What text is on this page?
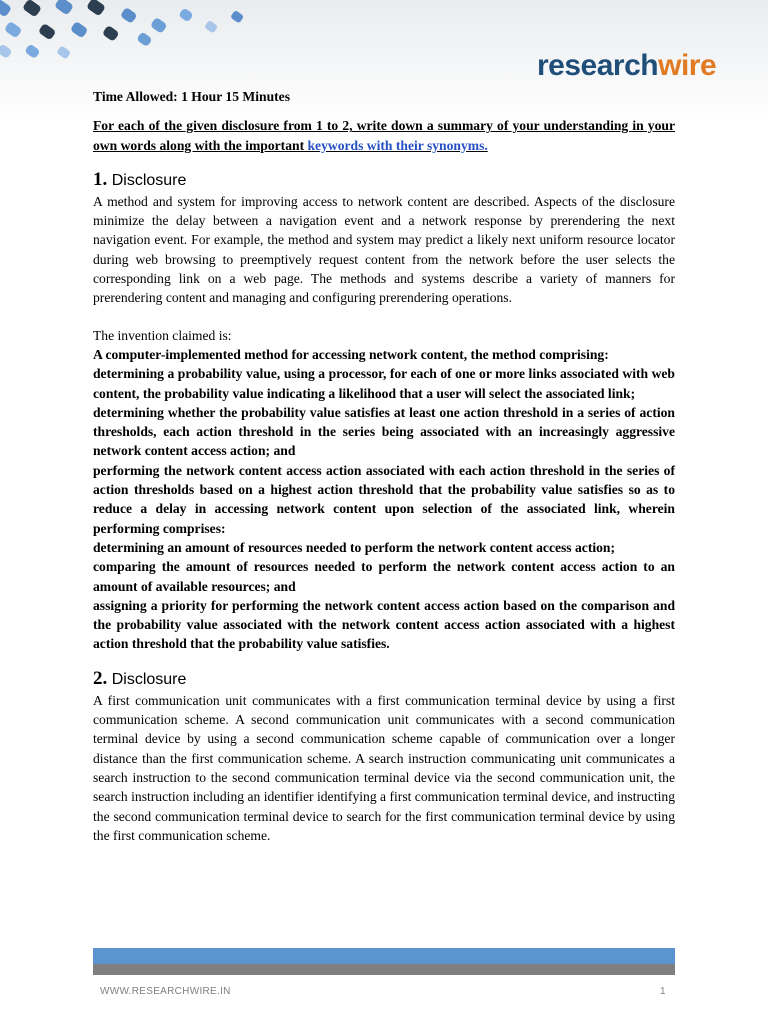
researchwire

Time Allowed: 1 Hour 15 Minutes

For each of the given disclosure from 1 to 2, write down a summary of your understanding in your own words along with the important keywords with their synonyms.

1. Disclosure

A method and system for improving access to network content are described. Aspects of the disclosure minimize the delay between a navigation event and a network response by prerendering the next navigation event. For example, the method and system may predict a likely next uniform resource locator during web browsing to preemptively request content from the network before the user selects the corresponding link on a web page. The methods and systems describe a variety of manners for prerendering content and managing and configuring prerendering operations.

The invention claimed is:

A computer-implemented method for accessing network content, the method comprising:

determining a probability value, using a processor, for each of one or more links associated with web content, the probability value indicating a likelihood that a user will select the associated link;

determining whether the probability value satisfies at least one action threshold in a series of action thresholds, each action threshold in the series being associated with an increasingly aggressive network content access action; and

performing the network content access action associated with each action threshold in the series of action thresholds based on a highest action threshold that the probability value satisfies so as to reduce a delay in accessing network content upon selection of the associated link, wherein performing comprises:

determining an amount of resources needed to perform the network content access action;

comparing the amount of resources needed to perform the network content access action to an amount of available resources; and

assigning a priority for performing the network content access action based on the comparison and the probability value associated with the network content access action associated with a highest action threshold that the probability value satisfies.

2. Disclosure

A first communication unit communicates with a first communication terminal device by using a first communication scheme. A second communication unit communicates with a second communication terminal device by using a second communication scheme capable of communication over a longer distance than the first communication scheme. A search instruction communicating unit communicates a search instruction to the second communication terminal device via the second communication unit, the search instruction including an identifier identifying a first communication terminal device, and instructing the second communication terminal device to search for the first communication terminal device by using the first communication scheme.

WWW.RESEARCHWIRE.IN	1
